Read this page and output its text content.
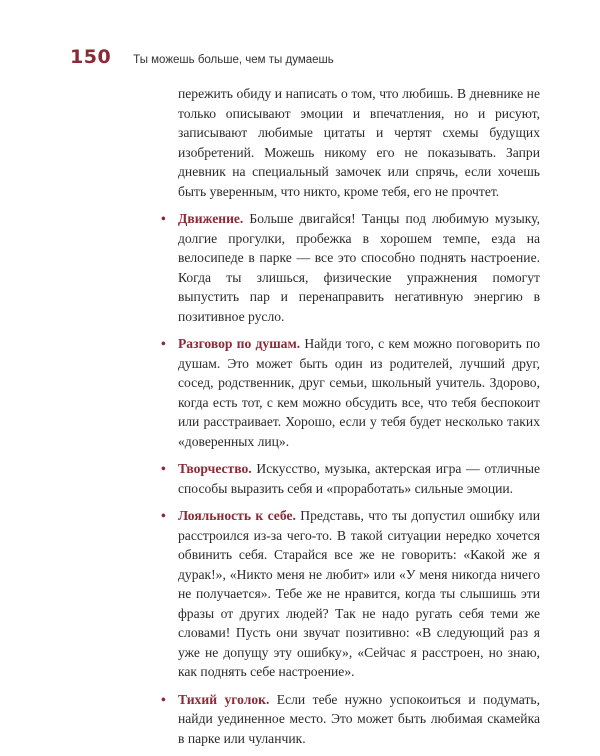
150 Ты можешь больше, чем ты думаешь

пережить обиду и написать о том, что любишь. В дневнике не только описывают эмоции и впечатления, но и рисуют, записывают любимые цитаты и чертят схемы будущих изобретений. Можешь никому его не показывать. Запри дневник на специальный замочек или спрячь, если хочешь быть уверенным, что никто, кроме тебя, его не прочтет.

• Движение. Больше двигайся! Танцы под любимую музыку, долгие прогулки, пробежка в хорошем темпе, езда на велосипеде в парке — все это способно поднять настроение. Когда ты злишься, физические упражнения помогут выпустить пар и перенаправить негативную энергию в позитивное русло.
• Разговор по душам. Найди того, с кем можно поговорить по душам. Это может быть один из родителей, лучший друг, сосед, родственник, друг семьи, школьный учитель. Здорово, когда есть тот, с кем можно обсудить все, что тебя беспокоит или расстраивает. Хорошо, если у тебя будет несколько таких «доверенных лиц».
• Творчество. Искусство, музыка, актерская игра — отличные способы выразить себя и «проработать» сильные эмоции.
• Лояльность к себе. Представь, что ты допустил ошибку или расстроился из-за чего-то. В такой ситуации нередко хочется обвинить себя. Старайся все же не говорить: «Какой же я дурак!», «Никто меня не любит» или «У меня никогда ничего не получается». Тебе же не нравится, когда ты слышишь эти фразы от других людей? Так не надо ругать себя теми же словами! Пусть они звучат позитивно: «В следующий раз я уже не допущу эту ошибку», «Сейчас я расстроен, но знаю, как поднять себе настроение».
• Тихий уголок. Если тебе нужно успокоиться и подумать, найди уединенное место. Это может быть любимая скамейка в парке или чуланчик.
